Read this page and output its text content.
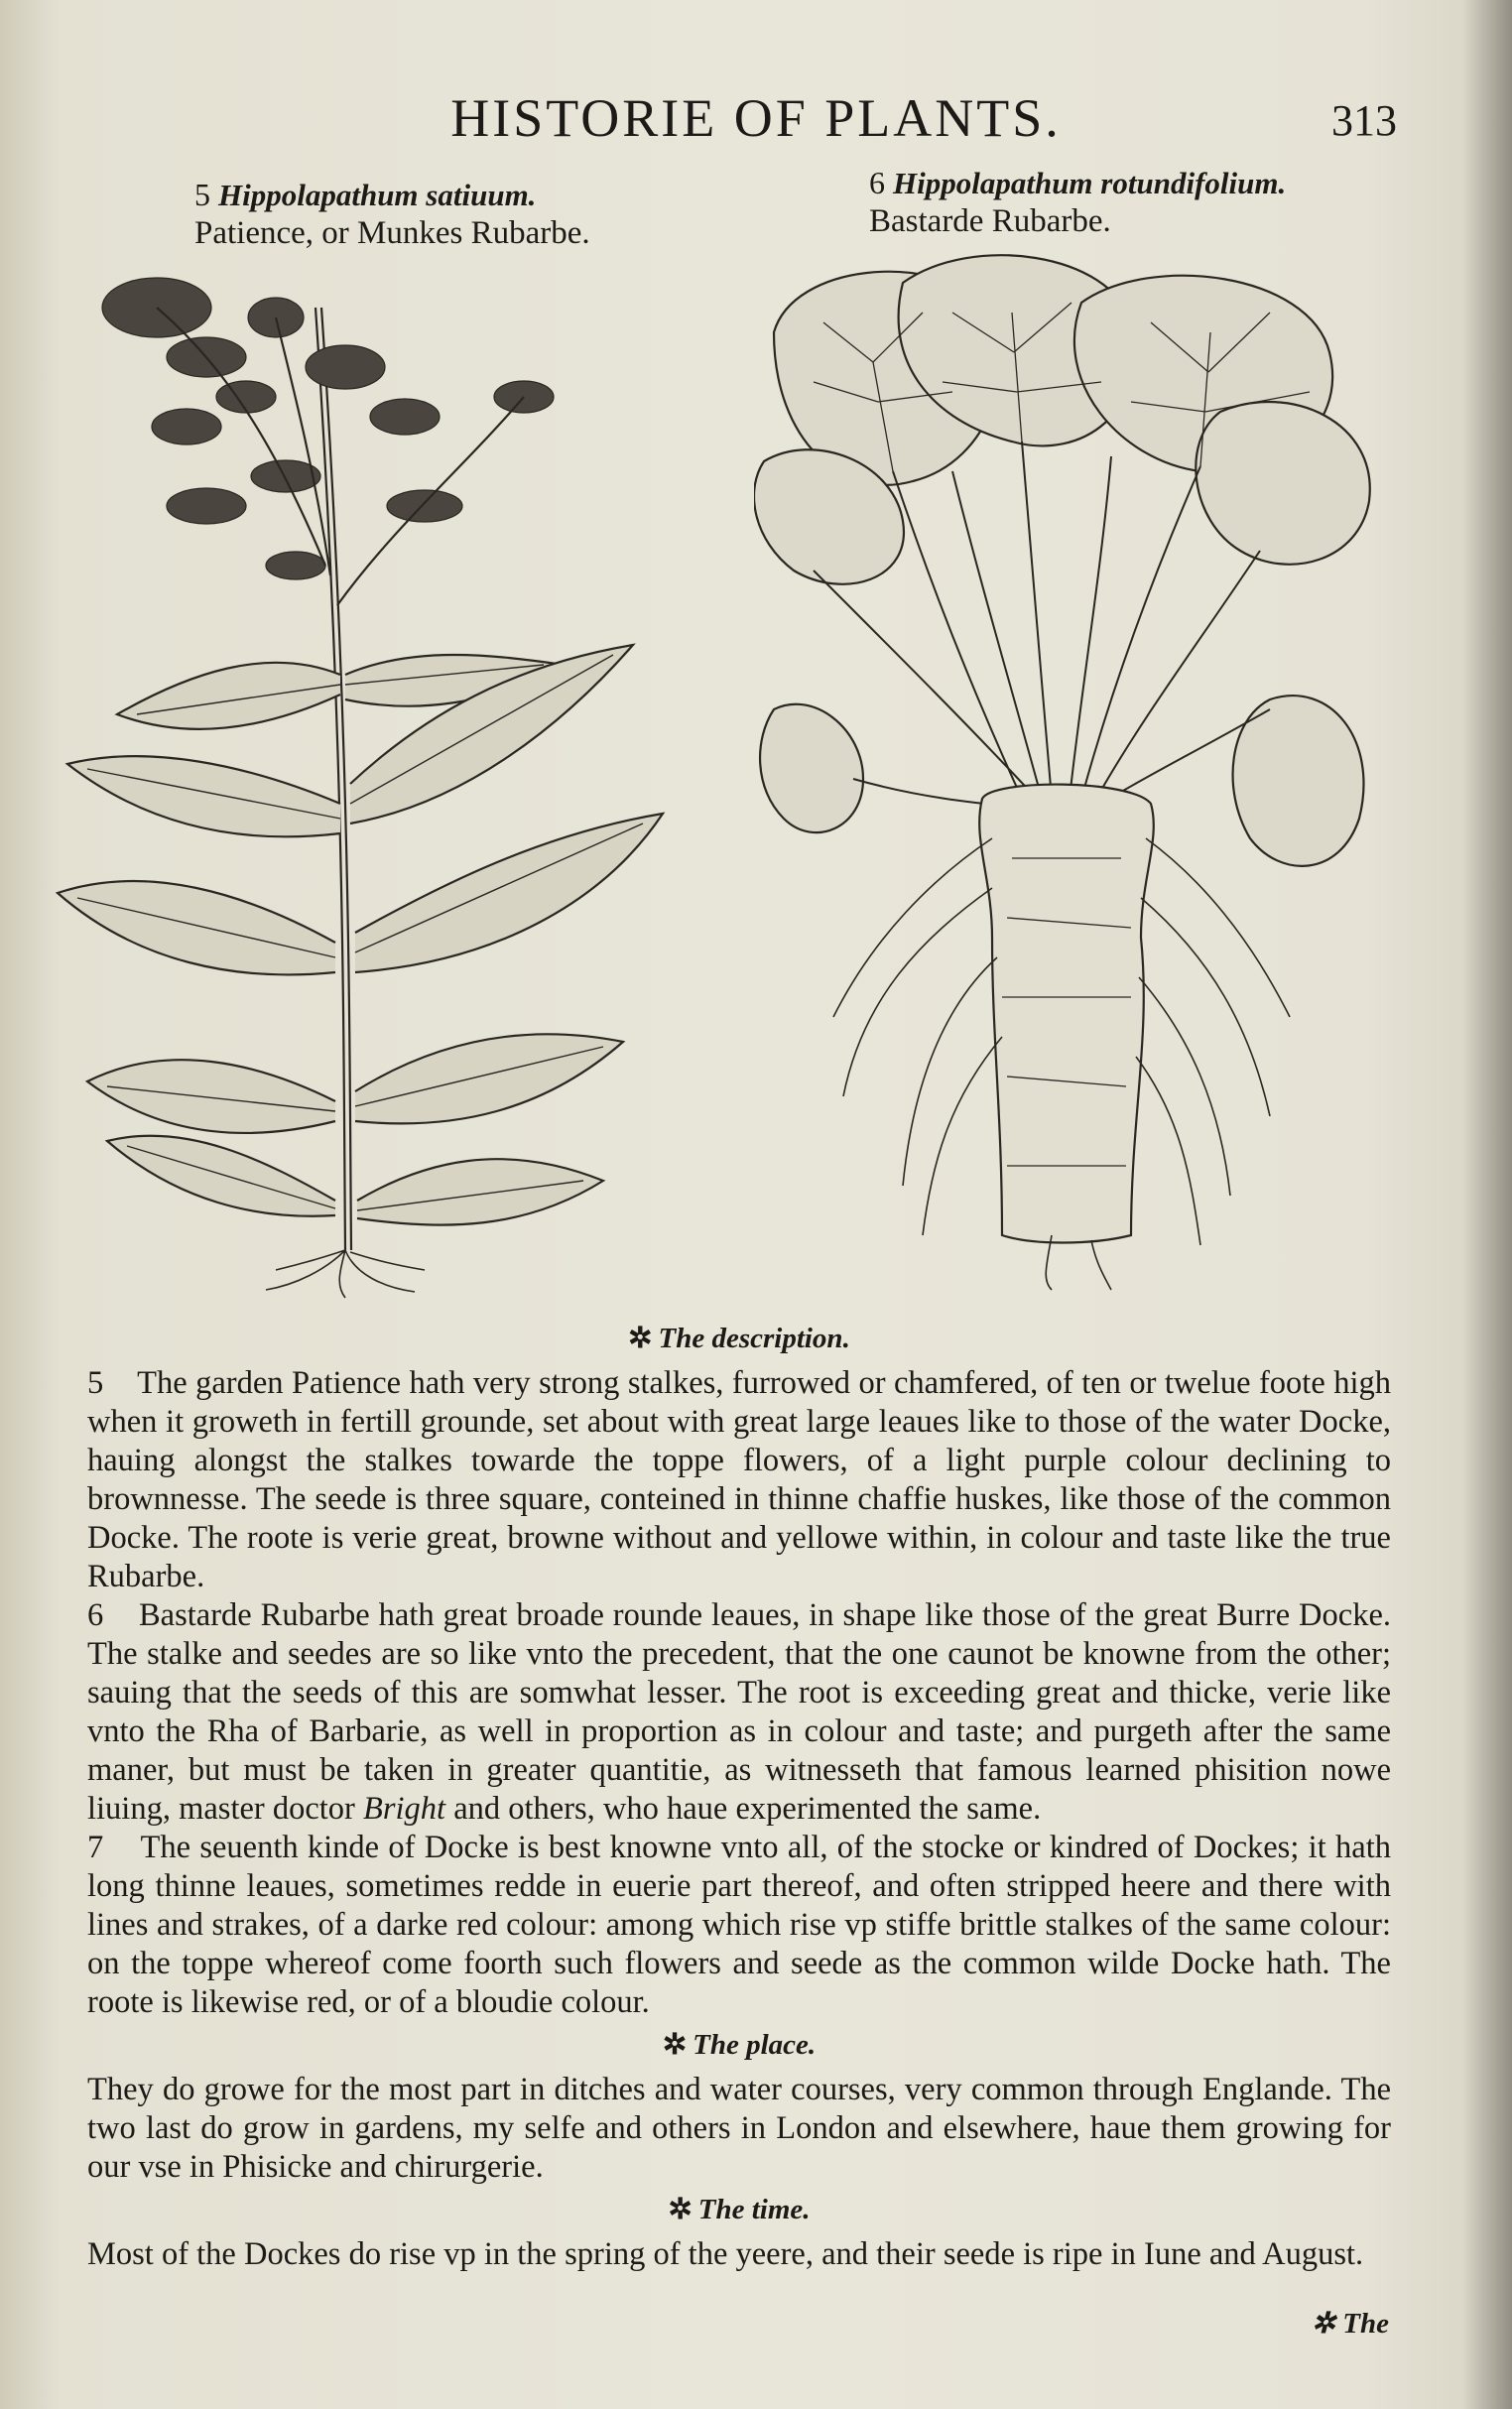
HISTORIE OF PLANTS.	313
5 Hippolapathum satiuum.
Patience, or Munkes Rubarbe.
6 Hippolapathum rotundifolium.
Bastarde Rubarbe.
✲ The description.

5 The garden Patience hath very strong stalkes, furrowed or chamfered, of ten or twelue foote high when it groweth in fertill grounde, set about with great large leaues like to those of the water Docke, hauing alongst the stalkes towarde the toppe flowers, of a light purple colour declining to brownnesse. The seede is three square, conteined in thinne chaffie huskes, like those of the common Docke. The roote is verie great, browne without and yellowe within, in colour and taste like the true Rubarbe.

6 Bastarde Rubarbe hath great broade rounde leaues, in shape like those of the great Burre Docke. The stalke and seedes are so like vnto the precedent, that the one caunot be knowne from the other; sauing that the seeds of this are somwhat lesser. The root is exceeding great and thicke, verie like vnto the Rha of Barbarie, as well in proportion as in colour and taste; and purgeth after the same maner, but must be taken in greater quantitie, as witnesseth that famous learned phisition nowe liuing, master doctor Bright and others, who haue experimented the same.

7 The seuenth kinde of Docke is best knowne vnto all, of the stocke or kindred of Dockes; it hath long thinne leaues, sometimes redde in euerie part thereof, and often stripped heere and there with lines and strakes, of a darke red colour: among which rise vp stiffe brittle stalkes of the same colour: on the toppe whereof come foorth such flowers and seede as the common wilde Docke hath. The roote is likewise red, or of a bloudie colour.

✲ The place.

They do growe for the most part in ditches and water courses, very common through Englande. The two last do grow in gardens, my selfe and others in London and elsewhere, haue them growing for our vse in Phisicke and chirurgerie.

✲ The time.

Most of the Dockes do rise vp in the spring of the yeere, and their seede is ripe in Iune and August.

✲ The
